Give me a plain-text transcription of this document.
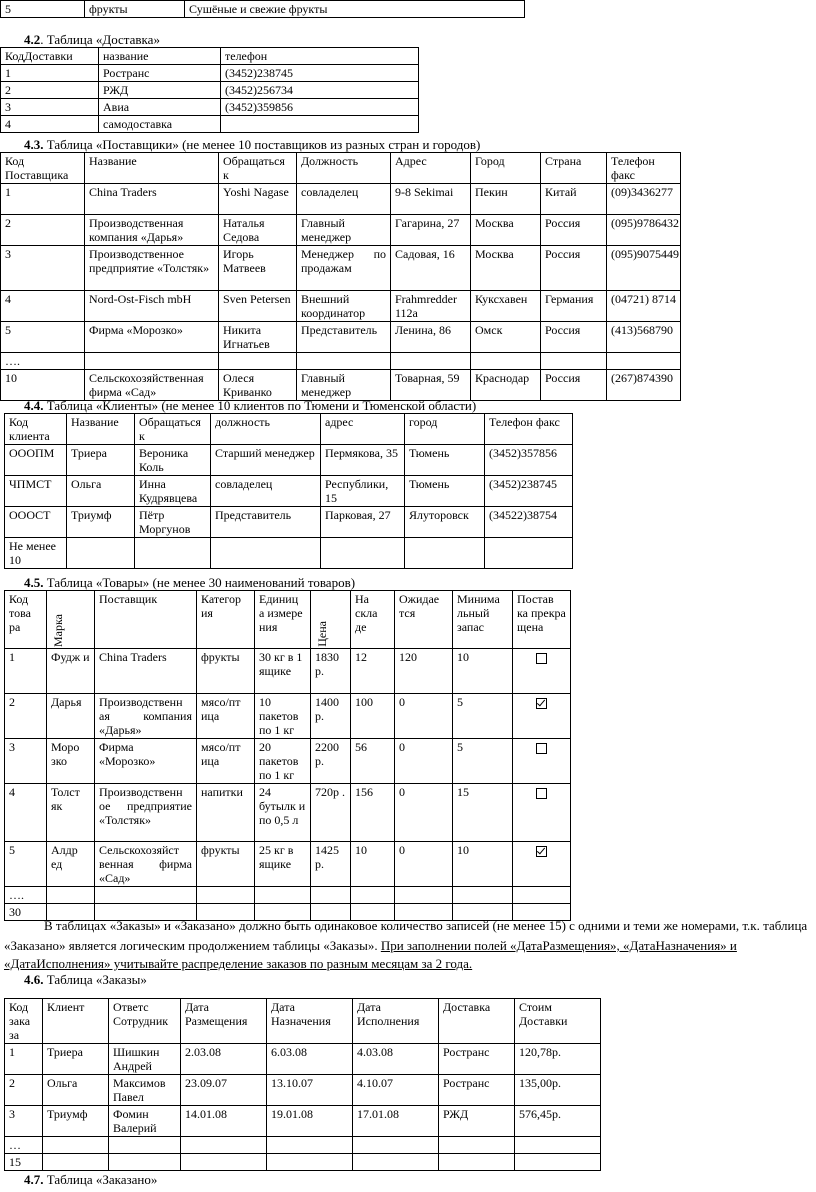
5	фрукты	Сушёные и свежие фрукты
4.2. Таблица «Доставка»
КодДоставки	название	телефон
1	Ространс	(3452)238745
2	РЖД	(3452)256734
3	Авиа	(3452)359856
4	самодоставка	
4.3. Таблица «Поставщики» (не менее 10 поставщиков из разных стран и городов)
Код Поставщика	Название	Обращаться к	Должность	Адрес	Город	Страна	Телефон факс
1	China Traders	Yoshi Nagase	совладелец	9-8 Sekimai	Пекин	Китай	(09)3436277
2	Производственная компания «Дарья»	Наталья Седова	Главный менеджер	Гагарина, 27	Москва	Россия	(095)9786432
3	Производственное предприятие «Толстяк»	Игорь Матвеев	Менеджер по продажам	Садовая, 16	Москва	Россия	(095)9075449
4	Nord-Ost-Fisch mbH	Sven Petersen	Внешний координатор	Frahmredder 112a	Куксхавен	Германия	(04721) 8714
5	Фирма «Морозко»	Никита Игнатьев	Представитель	Ленина, 86	Омск	Россия	(413)568790
….							
10	Сельскохозяйственная фирма «Сад»	Олеся Криванко	Главный менеджер	Товарная, 59	Краснодар	Россия	(267)874390
4.4. Таблица «Клиенты» (не менее 10 клиентов по Тюмени и Тюменской области)
Код клиента	Название	Обращаться к	должность	адрес	город	Телефон факс
ОООПМ	Триера	Вероника Коль	Старший менеджер	Пермякова, 35	Тюмень	(3452)357856
ЧПМСТ	Ольга	Инна Кудрявцева	совладелец	Республики, 15	Тюмень	(3452)238745
ОООСТ	Триумф	Пётр Моргунов	Представитель	Парковая, 27	Ялуторовск	(34522)38754
Не менее 10						
4.5. Таблица «Товары» (не менее 30 наименований товаров)
Код това ра	Марка	Поставщик	Категор ия	Единиц а измере ния	Цена	На скла де	Ожидае тся	Минима льный запас	Постав ка прекра щена
1	Фудж и	China Traders	фрукты	30 кг в 1 ящике	1830 р.	12	120	10	
2	Дарья	Производственн ая компания «Дарья»	мясо/пт ица	10 пакетов по 1 кг	1400 р.	100	0	5	
3	Моро зко	Фирма «Морозко»	мясо/пт ица	20 пакетов по 1 кг	2200 р.	56	0	5	
4	Толст як	Производственн ое предприятие «Толстяк»	напитки	24 бутылк и по 0,5 л	720р .	156	0	15	
5	Алдр ед	Сельскохозяйст венная фирма «Сад»	фрукты	25 кг в ящике	1425 р.	10	0	10	
….									
30									
В таблицах «Заказы» и «Заказано» должно быть одинаковое количество записей (не менее 15) с одними и теми же номерами, т.к. таблица
«Заказано» является логическим продолжением таблицы «Заказы». При заполнении полей «ДатаРазмещения», «ДатаНазначения» и
«ДатаИсполнения» учитывайте распределение заказов по разным месяцам за 2 года.
4.6. Таблица «Заказы»
Код зака за	Клиент	Ответс Сотрудник	Дата Размещения	Дата Назначения	Дата Исполнения	Доставка	Стоим Доставки
1	Триера	Шишкин Андрей	2.03.08	6.03.08	4.03.08	Ространс	120,78р.
2	Ольга	Максимов Павел	23.09.07	13.10.07	4.10.07	Ространс	135,00р.
3	Триумф	Фомин Валерий	14.01.08	19.01.08	17.01.08	РЖД	576,45р.
…							
15							
4.7. Таблица «Заказано»
